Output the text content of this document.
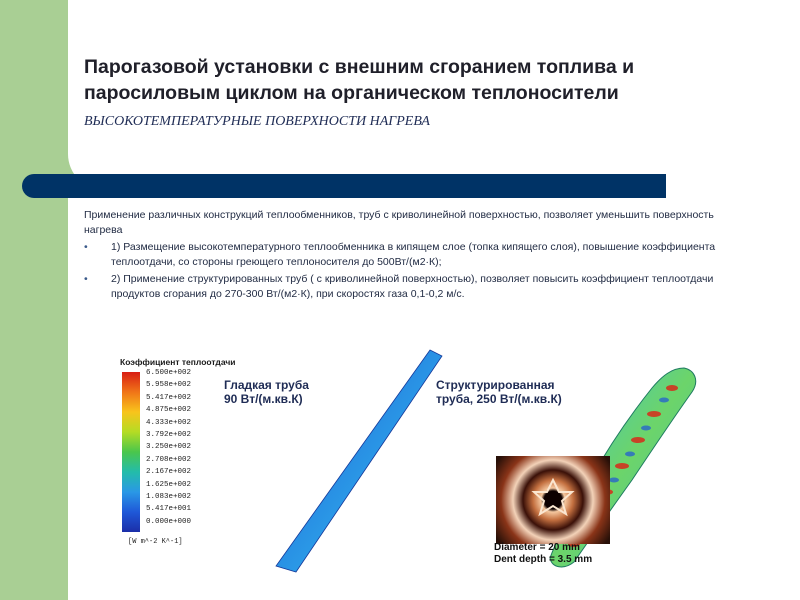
Парогазовой установки с внешним сгоранием топлива и паросиловым циклом на органическом теплоносители ВЫСОКОТЕМПЕРАТУРНЫЕ ПОВЕРХНОСТИ НАГРЕВА

Применение различных конструкций теплообменников, труб с криволинейной поверхностью, позволяет уменьшить поверхность нагрева

• 1) Размещение высокотемпературного теплообменника в кипящем слое (топка кипящего слоя), повышение коэффициента теплоотдачи, со стороны греющего теплоносителя до 500Вт/(м2·К);

• 2) Применение структурированных труб ( с криволинейной поверхностью), позволяет повысить коэффициент теплоотдачи продуктов сгорания до 270-300 Вт/(м2·К), при скоростях газа 0,1-0,2 м/с.

Коэффициент теплоотдачи
6.500e+002
5.958e+002
5.417e+002
4.875e+002
4.333e+002
3.792e+002
3.250e+002
2.708e+002
2.167e+002
1.625e+002
1.083e+002
5.417e+001
0.000e+000
[W m^-2 K^-1]
Гладкая труба
90 Вт/(м.кв.К)
Структурированная
труба, 250 Вт/(м.кв.К)
Diameter = 20 mm
Dent depth = 3.5 mm
